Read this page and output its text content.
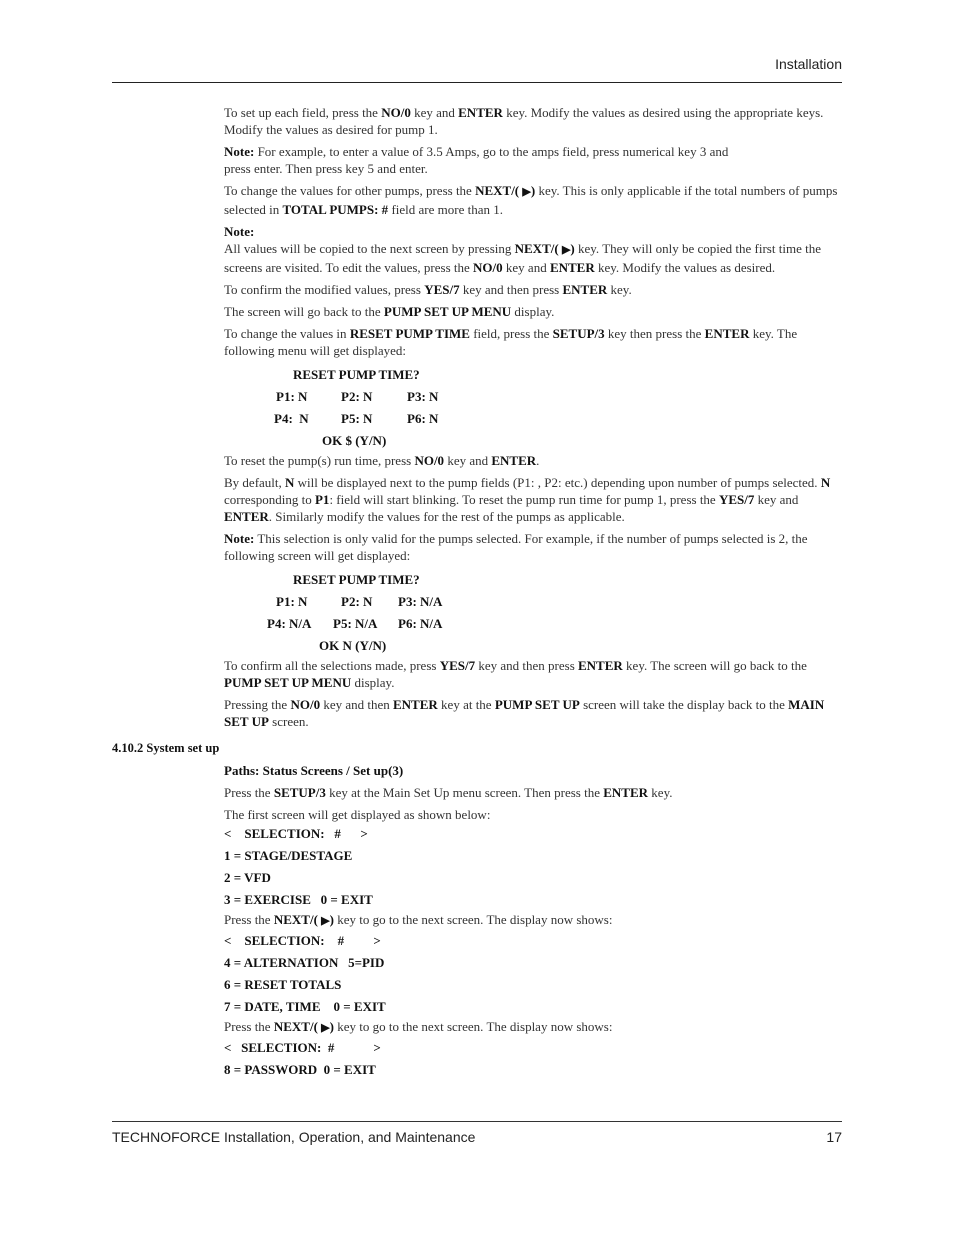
Installation

To set up each field, press the NO/0 key and ENTER key. Modify the values as desired using the appropriate keys. Modify the values as desired for pump 1.

Note: For example, to enter a value of 3.5 Amps, go to the amps field, press numerical key 3 and

press enter. Then press key 5 and enter.

To change the values for other pumps, press the NEXT/( ▶) key. This is only applicable if the total numbers of pumps selected in TOTAL PUMPS: # field are more than 1.

Note:

All values will be copied to the next screen by pressing NEXT/( ▶) key. They will only be copied the first time the screens are visited. To edit the values, press the NO/0 key and ENTER key. Modify the values as desired.

To confirm the modified values, press YES/7 key and then press ENTER key.

The screen will go back to the PUMP SET UP MENU display.

To change the values in RESET PUMP TIME field, press the SETUP/3 key then press the ENTER key. The following menu will get displayed:

RESET PUMP TIME?
P1: N	P2: N	P3: N
P4:  N P5: N	P6: N
OK $ (Y/N)

To reset the pump(s) run time, press NO/0 key and ENTER.

By default, N will be displayed next to the pump fields (P1: , P2: etc.) depending upon number of pumps selected. N corresponding to P1: field will start blinking. To reset the pump run time for pump 1, press the YES/7 key and ENTER. Similarly modify the values for the rest of the pumps as applicable.

Note: This selection is only valid for the pumps selected. For example, if the number of pumps selected is 2, the following screen will get displayed:

RESET PUMP TIME?
P1: N	P2: N P3: N/A
P4: N/A P5: N/A P6: N/A
OK N (Y/N)

To confirm all the selections made, press YES/7 key and then press ENTER key. The screen will go back to the PUMP SET UP MENU display.

Pressing the NO/0 key and then ENTER key at the PUMP SET UP screen will take the display back to the MAIN SET UP screen.

4.10.2 System set up

Paths: Status Screens / Set up(3)

Press the SETUP/3 key at the Main Set Up menu screen. Then press the ENTER key.

The first screen will get displayed as shown below:

<    SELECTION:   #      >
1 = STAGE/DESTAGE
2 = VFD
3 = EXERCISE   0 = EXIT

Press the NEXT/( ▶) key to go to the next screen. The display now shows:

<    SELECTION:    #         >
4 = ALTERNATION   5=PID
6 = RESET TOTALS
7 = DATE, TIME    0 = EXIT

Press the NEXT/( ▶) key to go to the next screen. The display now shows:

<   SELECTION:  #            >
8 = PASSWORD  0 = EXIT
TECHNOFORCE Installation, Operation, and Maintenance	17
